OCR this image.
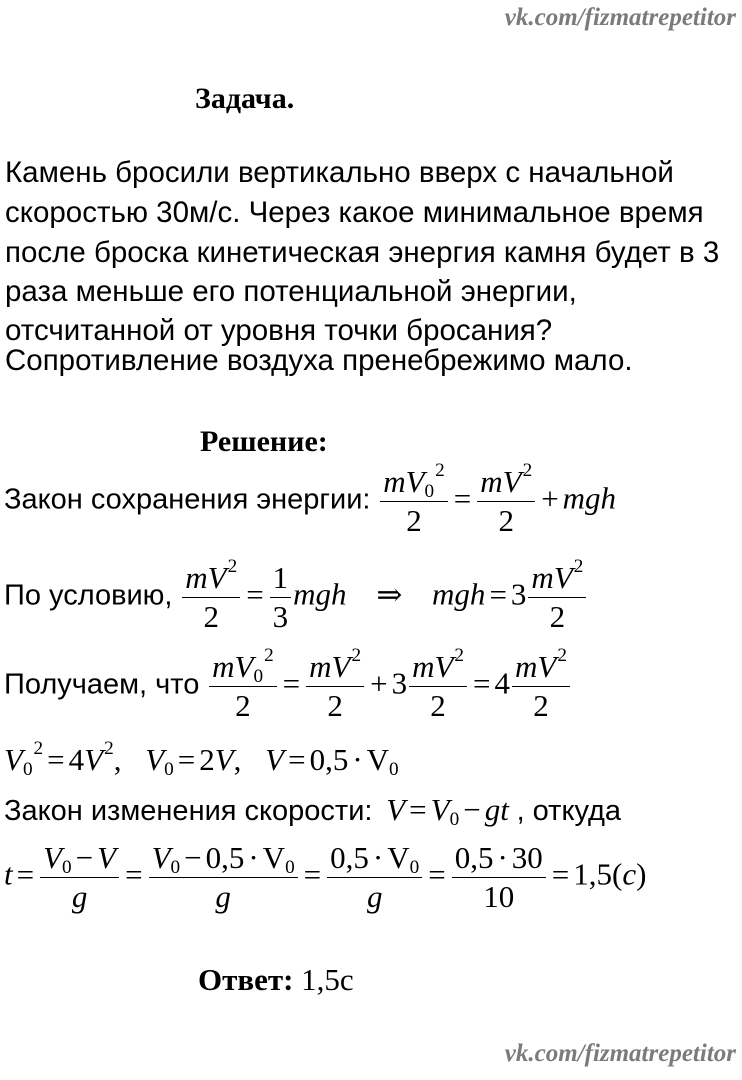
vk.com/fizmatrepetitor
Задача.
Камень бросили вертикально вверх с начальной
скоростью 30м/с. Через какое минимальное время
после броска кинетическая энергия камня будет в 3
раза меньше его потенциальной энергии,
отсчитанной от уровня точки бросания?
Сопротивление воздуха пренебрежимо мало.
Решение:
Закон сохранения энергии: $\frac{mV_0^2}{2} = \frac{mV^2}{2}$ + mgh
По условию, $\frac{mV^2}{2} = \frac{1}{3}$ mgh ⇒ mgh = $3 \frac{mV^2}{2}$
Получаем, что $\frac{mV_0^2}{2} = \frac{mV^2}{2} + 3 \frac{mV^2}{2} = 4 \frac{mV^2}{2}$
$V_0^2 = 4V^2$, $V_0 = 2V$, $V = 0,5 \cdot V_0$
Закон изменения скорости: $V = V_0$ − gt , откуда
$t = \frac{V_0 - V}{g} = \frac{V_0 - 0,5 \cdot V_0}{g} = \frac{0,5 \cdot V_0}{g} = \frac{0,5 \cdot 30}{10} = 1,5(c)$
Ответ: 1,5с
vk.com/fizmatrepetitor
